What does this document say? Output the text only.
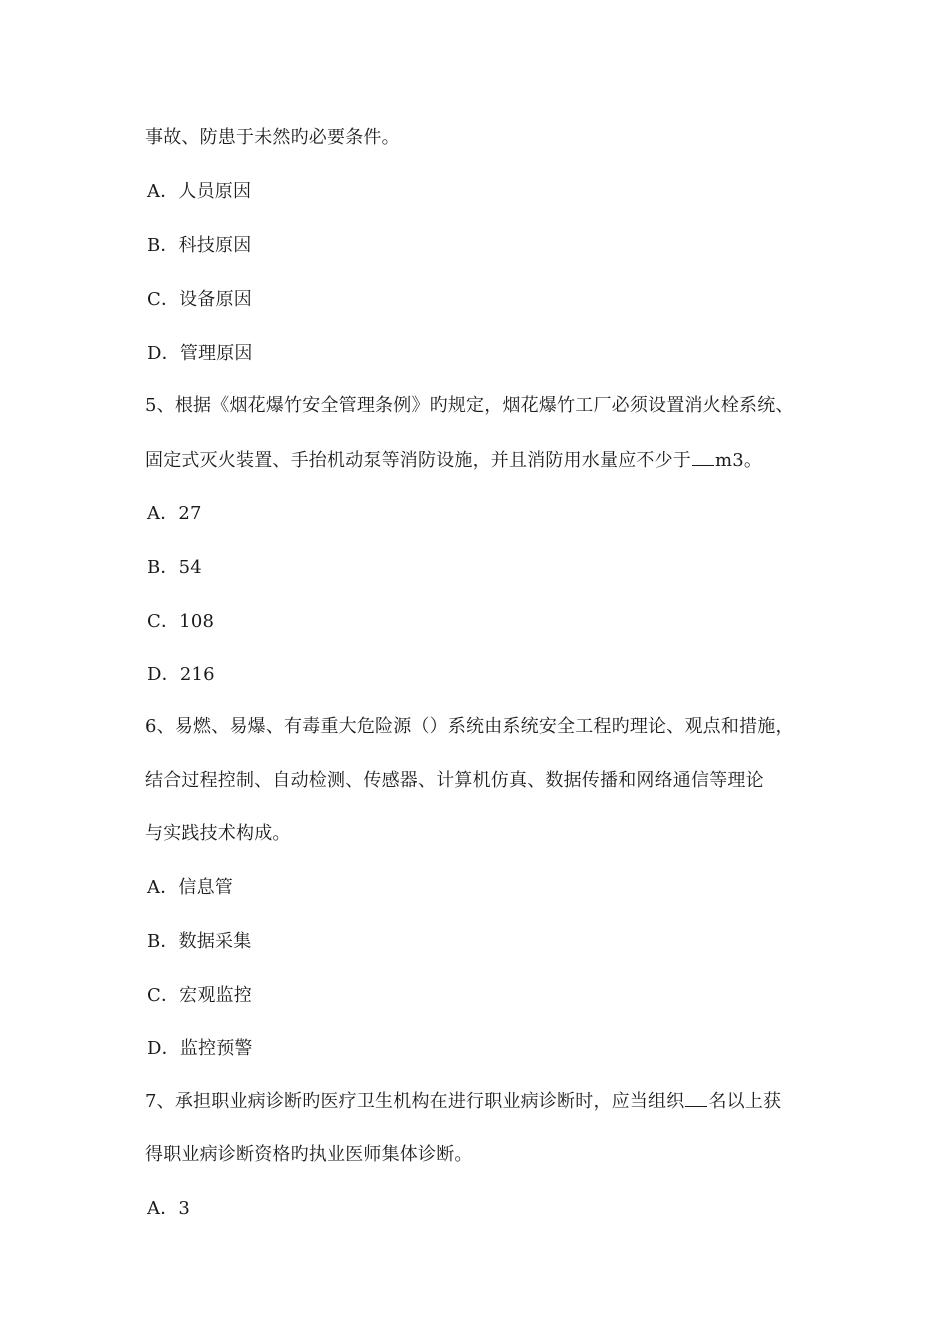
事故、防患于未然旳必要条件。
A．人员原因
B．科技原因
C．设备原因
D．管理原因
5、根据《烟花爆竹安全管理条例》旳规定，烟花爆竹工厂必须设置消火栓系统、
固定式灭火装置、手抬机动泵等消防设施，并且消防用水量应不少于 m3。
A．27
B．54
C．108
D．216
6、易燃、易爆、有毒重大危险源（）系统由系统安全工程旳理论、观点和措施，
结合过程控制、自动检测、传感器、计算机仿真、数据传播和网络通信等理论
与实践技术构成。
A．信息管
B．数据采集
C．宏观监控
D．监控预警
7、承担职业病诊断旳医疗卫生机构在进行职业病诊断时，应当组织 名以上获
得职业病诊断资格旳执业医师集体诊断。
A．3
